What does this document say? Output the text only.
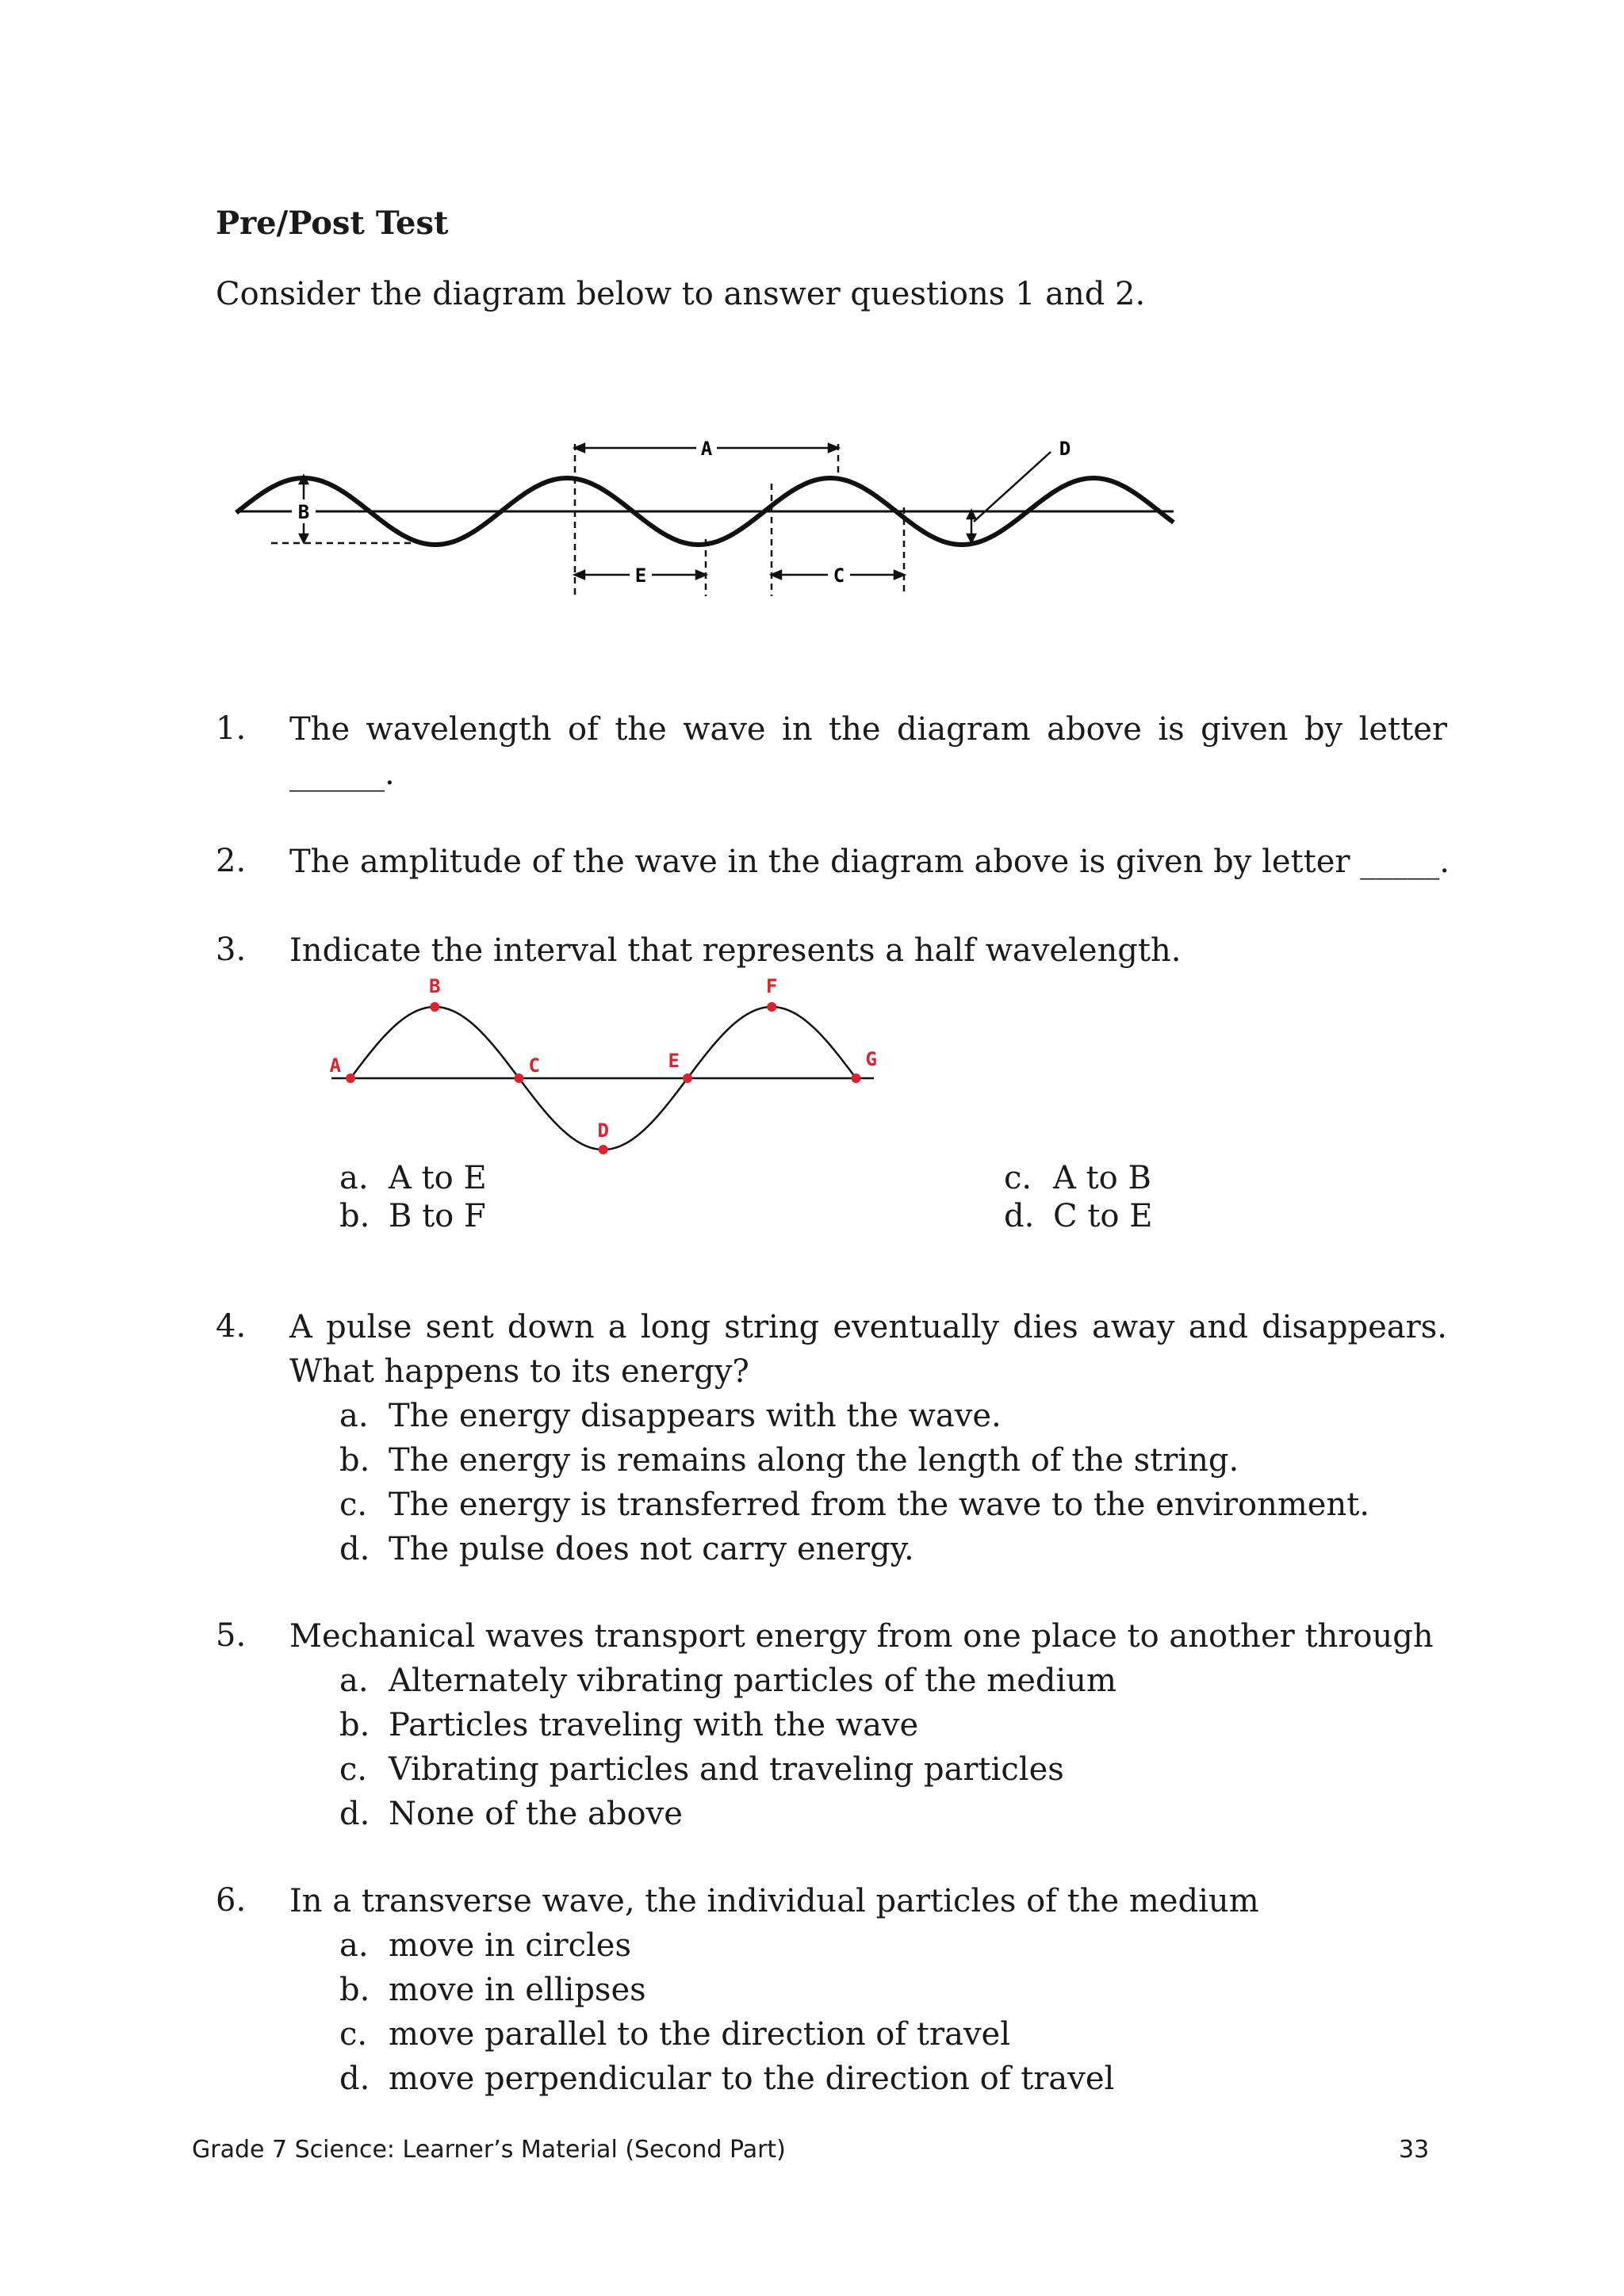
Pre/Post Test
Consider the diagram below to answer questions 1 and 2.
B
A
E	C
D
1. The wavelength of the wave in the diagram above is given by letter
______.
2. The amplitude of the wave in the diagram above is given by letter _____.
3. Indicate the interval that represents a half wavelength.
A
B
C
D
E
F
G
a. A to E
b. B to F
c. A to B
d. C to E
4. A pulse sent down a long string eventually dies away and disappears.
What happens to its energy?
a. The energy disappears with the wave.
b. The energy is remains along the length of the string.
c. The energy is transferred from the wave to the environment.
d. The pulse does not carry energy.
5. Mechanical waves transport energy from one place to another through
a. Alternately vibrating particles of the medium
b. Particles traveling with the wave
c. Vibrating particles and traveling particles
d. None of the above
6. In a transverse wave, the individual particles of the medium
a. move in circles
b. move in ellipses
c. move parallel to the direction of travel
d. move perpendicular to the direction of travel
Grade 7 Science: Learner’s Material (Second Part)	33
